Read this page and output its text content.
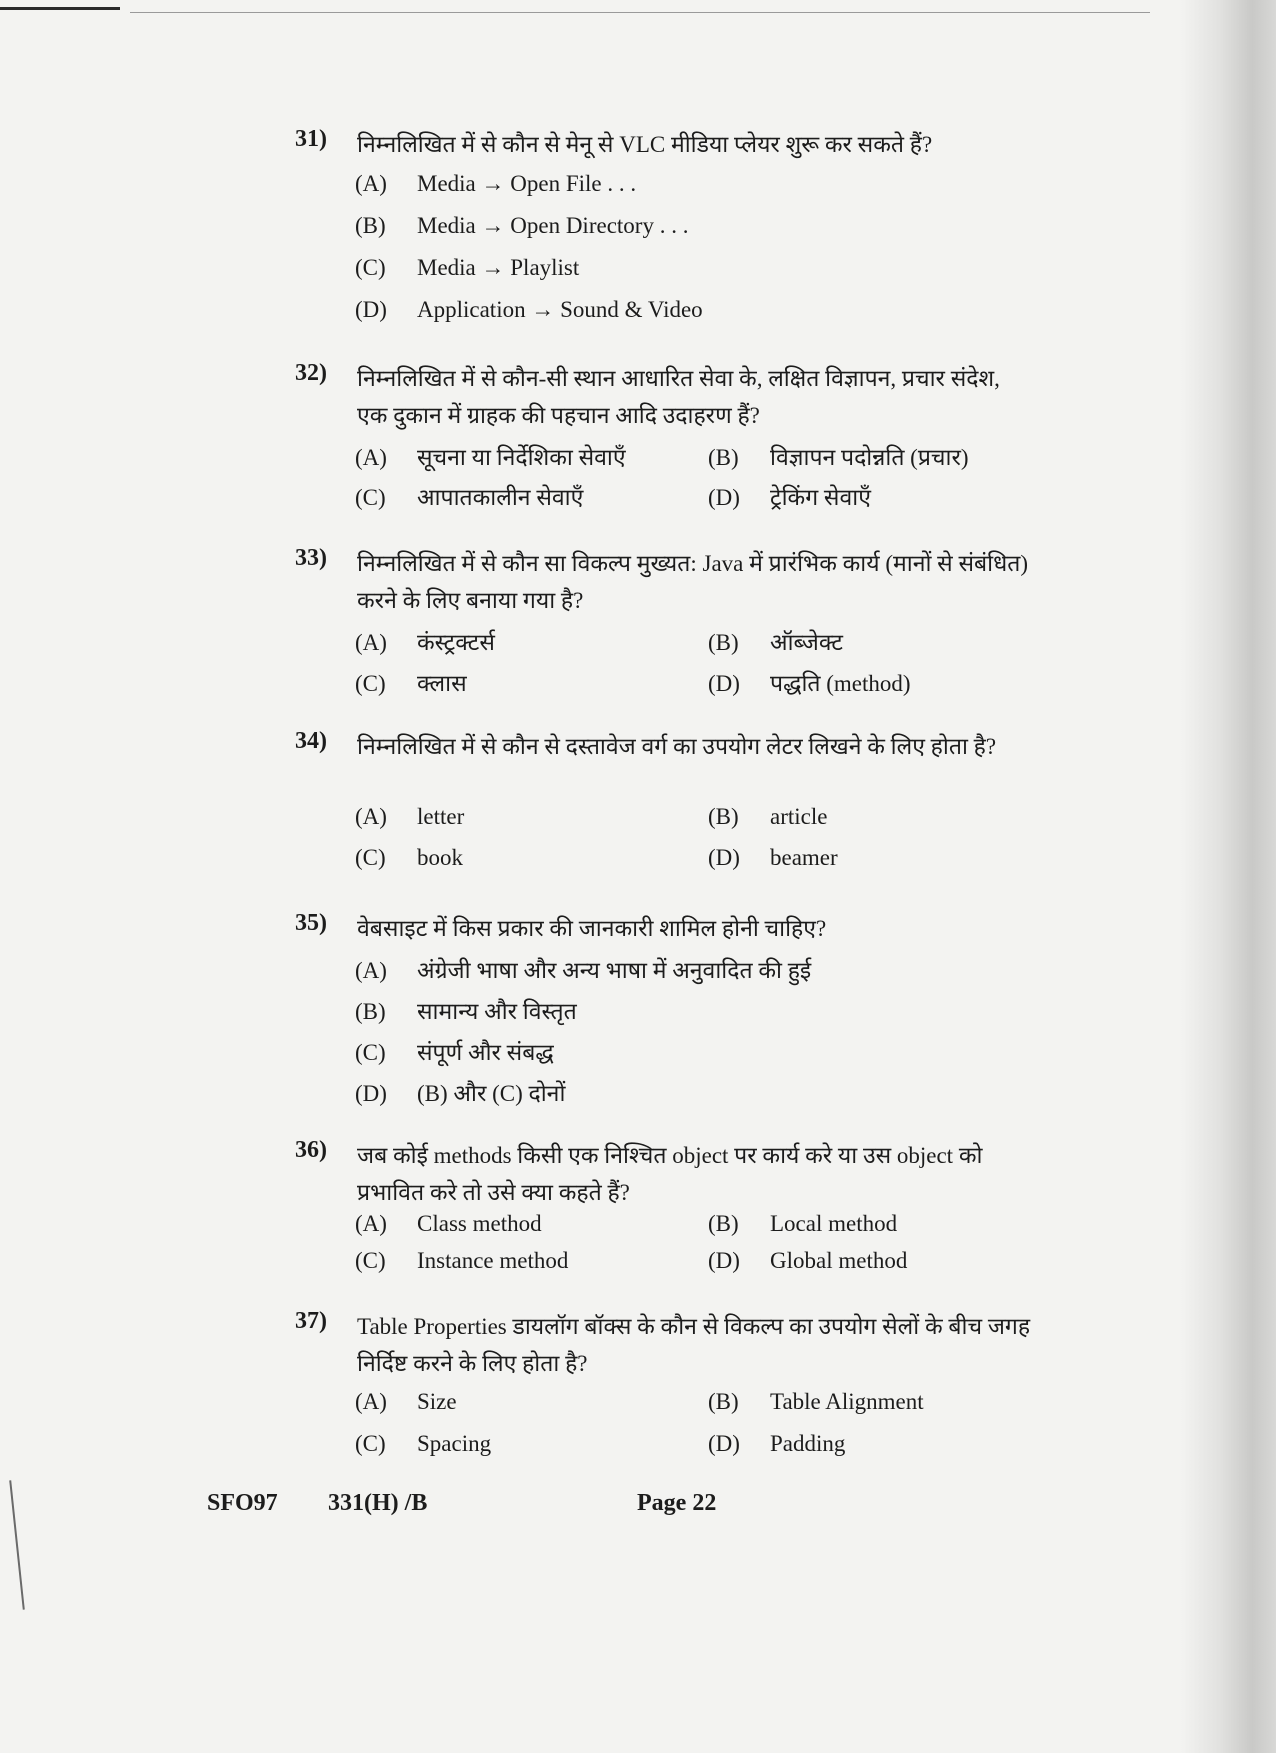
31) निम्नलिखित में से कौन से मेनू से VLC मीडिया प्लेयर शुरू कर सकते हैं?
(A) Media → Open File . . .
(B) Media → Open Directory . . .
(C) Media → Playlist
(D) Application → Sound & Video
32) निम्नलिखित में से कौन-सी स्थान आधारित सेवा के, लक्षित विज्ञापन, प्रचार संदेश, एक दुकान में ग्राहक की पहचान आदि उदाहरण हैं?
(A) सूचना या निर्देशिका सेवाएँ	(B) विज्ञापन पदोन्नति (प्रचार)
(C) आपातकालीन सेवाएँ	(D) ट्रेकिंग सेवाएँ
33) निम्नलिखित में से कौन सा विकल्प मुख्यत: Java में प्रारंभिक कार्य (मानों से संबंधित) करने के लिए बनाया गया है?
(A) कंस्ट्रक्टर्स	(B) ऑब्जेक्ट
(C) क्लास	(D) पद्धति (method)
34) निम्नलिखित में से कौन से दस्तावेज वर्ग का उपयोग लेटर लिखने के लिए होता है?
(A) letter	(B) article
(C) book	(D) beamer
35) वेबसाइट में किस प्रकार की जानकारी शामिल होनी चाहिए?
(A) अंग्रेजी भाषा और अन्य भाषा में अनुवादित की हुई
(B) सामान्य और विस्तृत
(C) संपूर्ण और संबद्ध
(D) (B) और (C) दोनों
36) जब कोई methods किसी एक निश्चित object पर कार्य करे या उस object को प्रभावित करे तो उसे क्या कहते हैं?
(A) Class method	(B) Local method
(C) Instance method	(D) Global method
37) Table Properties डायलॉग बॉक्स के कौन से विकल्प का उपयोग सेलों के बीच जगह निर्दिष्ट करने के लिए होता है?
(A) Size	(B) Table Alignment
(C) Spacing	(D) Padding
SFO97 331(H) /B	Page 22
